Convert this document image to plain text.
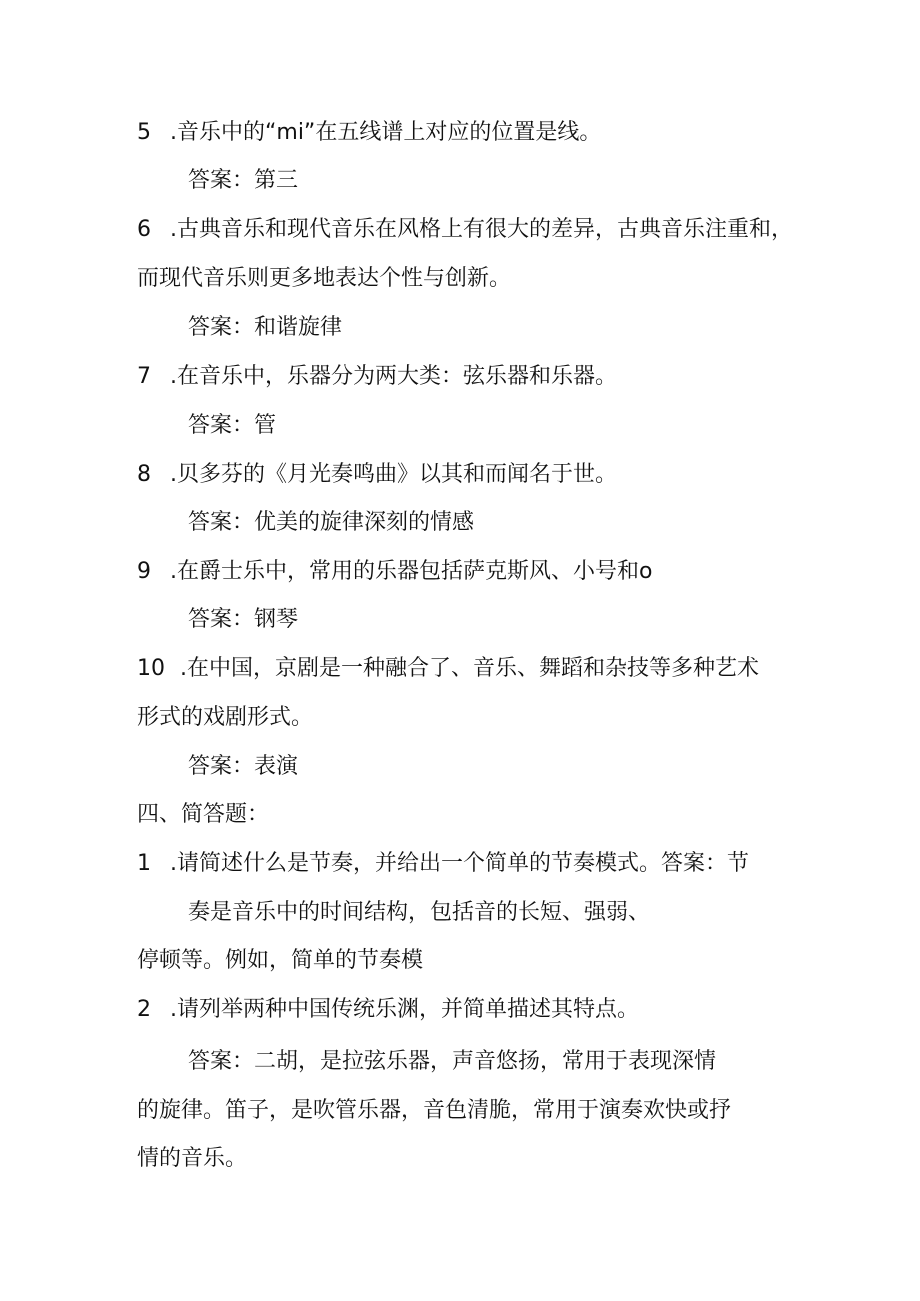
5 .音乐中的“mi”在五线谱上对应的位置是线。
答案：第三
6 .古典音乐和现代音乐在风格上有很大的差异，古典音乐注重和，
而现代音乐则更多地表达个性与创新。
答案：和谐旋律
7 .在音乐中，乐器分为两大类：弦乐器和乐器。
答案：管
8 .贝多芬的《月光奏鸣曲》以其和而闻名于世。
答案：优美的旋律深刻的情感
9 .在爵士乐中，常用的乐器包括萨克斯风、小号和o
答案：钢琴
10 .在中国，京剧是一种融合了、音乐、舞蹈和杂技等多种艺术
形式的戏剧形式。
答案：表演
四、简答题：
1 .请简述什么是节奏，并给出一个简单的节奏模式。答案：节
奏是音乐中的时间结构，包括音的长短、强弱、
停顿等。例如，简单的节奏模
2 .请列举两种中国传统乐渊，并简单描述其特点。
答案：二胡，是拉弦乐器，声音悠扬，常用于表现深情
的旋律。笛子，是吹管乐器，音色清脆，常用于演奏欢快或抒
情的音乐。
